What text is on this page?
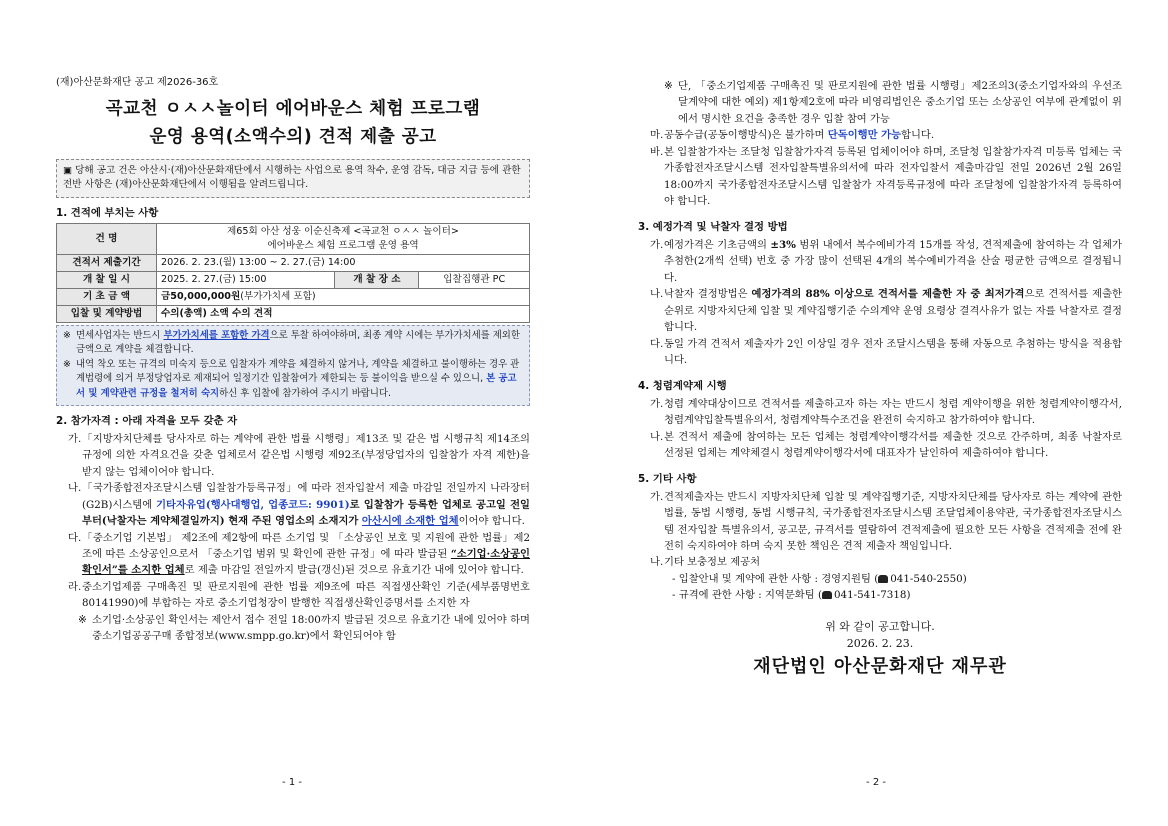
(재)아산문화재단 공고 제2026-36호
곡교천 ㅇㅅㅅ놀이터 에어바운스 체험 프로그램
운영 용역(소액수의) 견적 제출 공고
▣ 당해 공고 건은 아산시·(재)아산문화재단에서 시행하는 사업으로 용역 착수, 운영 감독, 대금 지급 등에 관한 전반 사항은 (재)아산문화재단에서 이행됨을 알려드립니다.
1. 견적에 부치는 사항
건 명	제65회 아산 성웅 이순신축제 <곡교천 ㅇㅅㅅ 놀이터>
에어바운스 체험 프로그램 운영 용역		

견적서 제출기간	2026. 2. 23.(월) 13:00 ~ 2. 27.(금) 14:00		
개 찰 일 시	2025. 2. 27.(금) 15:00	개 찰 장 소	입찰집행관 PC
기 초 금 액	금50,000,000원(부가가치세 포함)		
입찰 및 계약방법	수의(총액) 소액 수의 견적		
※ 면세사업자는 반드시 부가가치세를 포함한 가격으로 투찰 하여야하며, 최종 계약 시에는 부가가치세를 제외한 금액으로 계약을 체결합니다.
※ 내역 착오 또는 규격의 미숙지 등으로 입찰자가 계약을 체결하지 않거나, 계약을 체결하고 불이행하는 경우 관계법령에 의거 부정당업자로 제재되어 일정기간 입찰참여가 제한되는 등 불이익을 받으실 수 있으니, 본 공고서 및 계약관련 규정을 철저히 숙지하신 후 입찰에 참가하여 주시기 바랍니다.
2. 참가자격 : 아래 자격을 모두 갖춘 자
가. 「지방자치단체를 당사자로 하는 계약에 관한 법률 시행령」제13조 및 같은 법 시행규칙 제14조의 규정에 의한 자격요건을 갖춘 업체로서 같은법 시행령 제92조(부정당업자의 입찰참가 자격 제한)을 받지 않는 업체이어야 합니다.
나. 「국가종합전자조달시스템 입찰참가등록규정」에 따라 전자입찰서 제출 마감일 전일까지 나라장터(G2B)시스템에 기타자유업(행사대행업, 업종코드: 9901)로 입찰참가 등록한 업체로 공고일 전일부터(낙찰자는 계약체결일까지) 현재 주된 영업소의 소재지가 아산시에 소재한 업체이어야 합니다.
다. 「중소기업 기본법」 제2조에 제2항에 따른 소기업 및 「소상공인 보호 및 지원에 관한 법률」제2조에 따른 소상공인으로서 「중소기업 범위 및 확인에 관한 규정」에 따라 발급된 “소기업·소상공인 확인서”를 소지한 업체로 제출 마감일 전일까지 발급(갱신)된 것으로 유효기간 내에 있어야 합니다.
라. 중소기업제품 구매촉진 및 판로지원에 관한 법률 제9조에 따른 직접생산확인 기준(세부품명번호 80141990)에 부합하는 자로 중소기업청장이 발행한 직접생산확인증명서를 소지한 자
※ 소기업·소상공인 확인서는 제안서 접수 전일 18:00까지 발급된 것으로 유효기간 내에 있어야 하며 중소기업공공구매 종합정보(www.smpp.go.kr)에서 확인되어야 함
- 1 -
※ 단, 「중소기업제품 구매촉진 및 판로지원에 관한 법률 시행령」제2조의3(중소기업자와의 우선조달계약에 대한 예외) 제1항제2호에 따라 비영리법인은 중소기업 또는 소상공인 여부에 관계없이 위에서 명시한 요건을 충족한 경우 입찰 참여 가능
마. 공동수급(공동이행방식)은 불가하며 단독이행만 가능합니다.
바. 본 입찰참가자는 조달청 입찰참가자격 등록된 업체이어야 하며, 조달청 입찰참가자격 미등록 업체는 국가종합전자조달시스템 전자입찰특별유의서에 따라 전자입찰서 제출마감일 전일 2026년 2월 26일 18:00까지 국가종합전자조달시스템 입찰참가 자격등록규정에 따라 조달청에 입찰참가자격 등록하여야 합니다.
3. 예정가격 및 낙찰자 결정 방법
가. 예정가격은 기초금액의 ±3% 범위 내에서 복수예비가격 15개를 작성, 견적제출에 참여하는 각 업체가 추첨한(2개씩 선택) 번호 중 가장 많이 선택된 4개의 복수예비가격을 산술 평균한 금액으로 결정됩니다.
나. 낙찰자 결정방법은 예정가격의 88% 이상으로 견적서를 제출한 자 중 최저가격으로 견적서를 제출한 순위로 지방자치단체 입찰 및 계약집행기준 수의계약 운영 요령상 결격사유가 없는 자를 낙찰자로 결정합니다.
다. 동일 가격 견적서 제출자가 2인 이상일 경우 전자 조달시스템을 통해 자동으로 추첨하는 방식을 적용합니다.
4. 청렴계약제 시행
가. 청렴 계약대상이므로 견적서를 제출하고자 하는 자는 반드시 청렴 계약이행을 위한 청렴계약이행각서, 청렴계약입찰특별유의서, 청렴계약특수조건을 완전히 숙지하고 참가하여야 합니다.
나. 본 견적서 제출에 참여하는 모든 업체는 청렴계약이행각서를 제출한 것으로 간주하며, 최종 낙찰자로 선정된 업체는 계약체결시 청렴계약이행각서에 대표자가 날인하여 제출하여야 합니다.
5. 기타 사항
가. 견적제출자는 반드시 지방자치단체 입찰 및 계약집행기준, 지방자치단체를 당사자로 하는 계약에 관한 법률, 동법 시행령, 동법 시행규칙, 국가종합전자조달시스템 조달업체이용약관, 국가종합전자조달시스템 전자입찰 특별유의서, 공고문, 규격서를 열람하여 견적제출에 필요한 모든 사항을 견적제출 전에 완전히 숙지하여야 하며 숙지 못한 책임은 견적 제출자 책임입니다.
나. 기타 보충정보 제공처
- 입찰안내 및 계약에 관한 사항 : 경영지원팀 ( 041-540-2550)
- 규격에 관한 사항 : 지역문화팀 ( 041-541-7318)
위 와 같이 공고합니다.
2026. 2. 23.
재단법인 아산문화재단 재무관
- 2 -
